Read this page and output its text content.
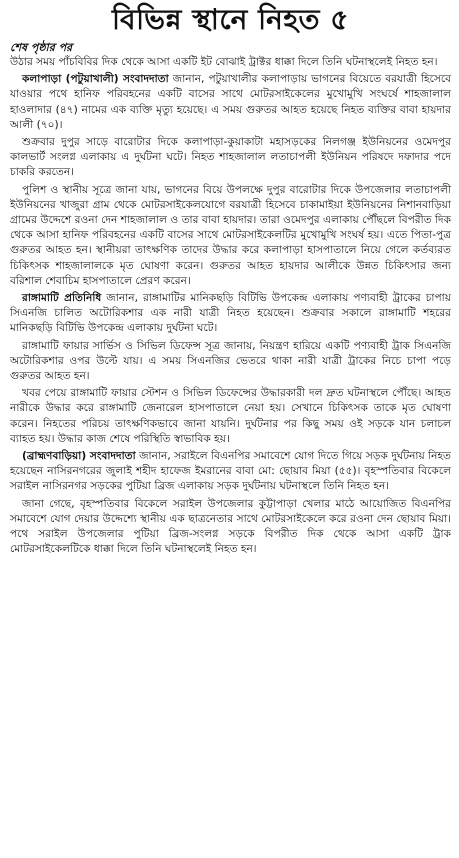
বিভিন্ন স্থানে নিহত ৫
শেষ পৃষ্ঠার পর

উঠার সময় পাঁচবিবির দিক থেকে আসা একটি ইট বোঝাই ট্রাক্টর ধাক্কা দিলে তিনি ঘটনাস্থলেই নিহত হন।

কলাপাড়া (পটুয়াখালী) সংবাদদাতা জানান, পটুয়াখালীর কলাপাড়ায় ভাগনের বিয়েতে বরযাত্রী হিসেবে যাওয়ার পথে হানিফ পরিবহনের একটি বাসের সাথে মোটরসাইকেলের মুখোমুখি সংঘর্ষে শাহজালাল হাওলাদার (৪৭) নামের এক ব্যক্তি মৃত্যু হয়েছে। এ সময় গুরুতর আহত হয়েছে নিহত ব্যক্তির বাবা হায়দার আলী (৭০)।

শুক্রবার দুপুর সাড়ে বারোটার দিকে কলাপাড়া-কুয়াকাটা মহাসড়কের নিলগঞ্জ ইউনিয়নের ওমেদপুর কালভার্ট সংলগ্ন এলাকায় এ দুর্ঘটনা ঘটে। নিহত শাহজালাল লতাচাপলী ইউনিয়ন পরিষদে দফাদার পদে চাকরি করতেন।

পুলিশ ও স্থানীয় সূত্রে জানা যায়, ভাগনের বিয়ে উপলক্ষে দুপুর বারোটার দিকে উপজেলার লতাচাপলী ইউনিয়নের খাজুরা গ্রাম থেকে মোটরসাইকেলযোগে বরযাত্রী হিসেবে চাকামাইয়া ইউনিয়নের নিশানবাড়িয়া গ্রামের উদ্দেশে রওনা দেন শাহজালাল ও তার বাবা হায়দার। তারা ওমেদপুর এলাকায় পৌঁছলে বিপরীত দিক থেকে আসা হানিফ পরিবহনের একটি বাসের সাথে মোটরসাইকেলটির মুখোমুখি সংঘর্ষ হয়। এতে পিতা-পুত্র গুরুতর আহত হন। স্থানীয়রা তাৎক্ষণিক তাদের উদ্ধার করে কলাপাড়া হাসপাতালে নিয়ে গেলে কর্তব্যরত চিকিৎসক শাহজালালকে মৃত ঘোষণা করেন। গুরুতর আহত হায়দার আলীকে উন্নত চিকিৎসার জন্য বরিশাল শেবাচিম হাসপাতালে প্রেরণ করেন।

রাঙ্গামাটি প্রতিনিধি জানান, রাঙ্গামাটির মানিকছড়ি বিটিভি উপকেন্দ্র এলাকায় পণ্যবাহী ট্রাকের চাপায় সিএনজি চালিত অটোরিকশার এক নারী যাত্রী নিহত হয়েছেন। শুক্রবার সকালে রাঙ্গামাটি শহরের মানিকছড়ি বিটিভি উপকেন্দ্র এলাকায় দুর্ঘটনা ঘটে।

রাঙ্গামাটি ফায়ার সার্ভিস ও সিভিল ডিফেন্স সূত্র জানায়, নিয়ন্ত্রণ হারিয়ে একটি পণ্যবাহী ট্রাক সিএনজি অটোরিকশার ওপর উল্টে যায়। এ সময় সিএনজির ভেতরে থাকা নারী যাত্রী ট্রাকের নিচে চাপা পড়ে গুরুতর আহত হন।

খবর পেয়ে রাঙ্গামাটি ফায়ার স্টেশন ও সিভিল ডিফেন্সের উদ্ধারকারী দল দ্রুত ঘটনাস্থলে পৌঁছে। আহত নারীকে উদ্ধার করে রাঙ্গামাটি জেনারেল হাসপাতালে নেয়া হয়। সেখানে চিকিৎসক তাকে মৃত ঘোষণা করেন। নিহতের পরিচয় তাৎক্ষণিকভাবে জানা যায়নি। দুর্ঘটনার পর কিছু সময় ওই সড়কে যান চলাচল ব্যাহত হয়। উদ্ধার কাজ শেষে পরিস্থিতি স্বাভাবিক হয়।

(ব্রাহ্মণবাড়িয়া) সংবাদদাতা জানান, সরাইলে বিএনপির সমাবেশে যোগ দিতে গিয়ে সড়ক দুর্ঘটনায় নিহত হয়েছেন নাসিরনগরের জুলাই শহীদ হাফেজ ইমরানের বাবা মো: ছোয়াব মিয়া (৫৫)। বৃহস্পতিবার বিকেলে সরাইল নাসিরনগর সড়কের পুটিয়া ব্রিজ এলাকায় সড়ক দুর্ঘটনায় ঘটনাস্থলে তিনি নিহত হন।

জানা গেছে, বৃহস্পতিবার বিকেলে সরাইল উপজেলার কুট্টাপাড়া খেলার মাঠে আয়োজিত বিএনপির সমাবেশে যোগ দেয়ার উদ্দেশ্যে স্থানীয় এক ছাত্রনেতার সাথে মোটরসাইকেলে করে রওনা দেন ছোয়াব মিয়া। পথে সরাইল উপজেলার পুটিয়া ব্রিজ-সংলগ্ন সড়কে বিপরীত দিক থেকে আসা একটি ট্রাক মোটরসাইকেলটিকে ধাক্কা দিলে তিনি ঘটনাস্থলেই নিহত হন।
